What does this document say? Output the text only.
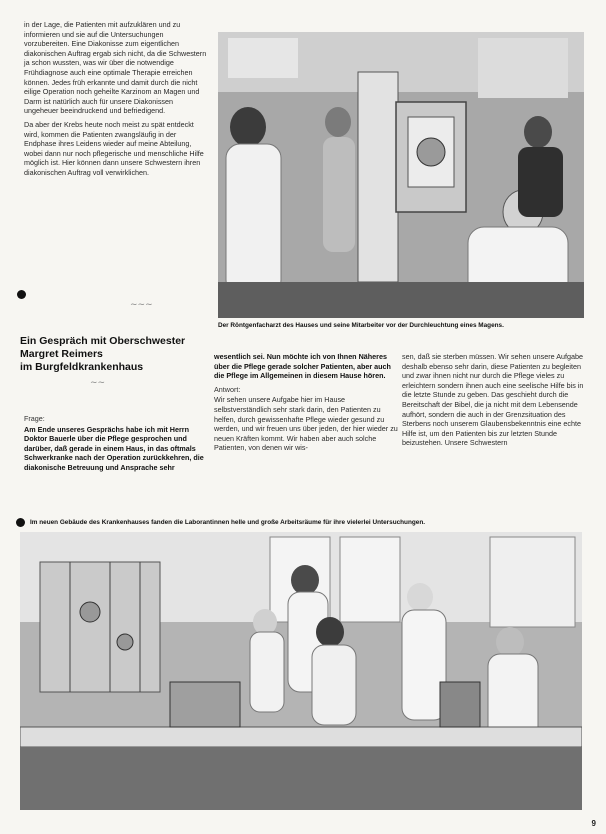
in der Lage, die Patienten mit aufzuklären und zu informieren und sie auf die Untersuchungen vorzubereiten. Eine Diakonisse zum eigentlichen diakonischen Auftrag ergab sich nicht, da die Schwestern ja schon wussten, was wir über die notwendige Frühdiagnose auch eine optimale Therapie erreichen können. Jedes früh erkannte und damit durch die nicht eilige Operation noch geheilte Karzinom an Magen und Darm ist natürlich auch für unsere Diakonissen ungeheuer beeindruckend und befriedigend.

Da aber der Krebs heute noch meist zu spät entdeckt wird, kommen die Patienten zwangsläufig in der Endphase ihres Leidens wieder auf meine Abteilung, wobei dann nur noch pflegerische und menschliche Hilfe möglich ist. Hier können dann unsere Schwestern ihren diakonischen Auftrag voll verwirklichen.

Der Röntgenfacharzt des Hauses und seine Mitarbeiter vor der Durchleuchtung eines Magens.
~~~
~~
Ein Gespräch mit Oberschwester
Margret Reimers
im Burgfeldkrankenhaus
Frage:
Am Ende unseres Gesprächs habe ich mit Herrn Doktor Bauerle über die Pflege gesprochen und darüber, daß gerade in einem Haus, in das oftmals Schwerkranke nach der Operation zurückkehren, die diakonische Betreuung und Ansprache sehr
wesentlich sei. Nun möchte ich von Ihnen Näheres über die Pflege gerade solcher Patienten, aber auch die Pflege im Allgemeinen in diesem Hause hören.
Antwort:
Wir sehen unsere Aufgabe hier im Hause selbstverständlich sehr stark darin, den Patienten zu helfen, durch gewissenhafte Pflege wieder gesund zu werden, und wir freuen uns über jeden, der hier wieder zu neuen Kräften kommt. Wir haben aber auch solche Patienten, von denen wir wis-
sen, daß sie sterben müssen. Wir sehen unsere Aufgabe deshalb ebenso sehr darin, diese Patienten zu begleiten und zwar ihnen nicht nur durch die Pflege vieles zu erleichtern sondern ihnen auch eine seelische Hilfe bis in die letzte Stunde zu geben. Das geschieht durch die Bereitschaft der Bibel, die ja nicht mit dem Lebensende aufhört, sondern die auch in der Grenzsituation des Sterbens noch unserem Glaubensbekenntnis eine echte Hilfe ist, um den Patienten bis zur letzten Stunde beizustehen. Unsere Schwestern
Im neuen Gebäude des Krankenhauses fanden die Laborantinnen helle und große Arbeitsräume für ihre vielerlei Untersuchungen.
9
